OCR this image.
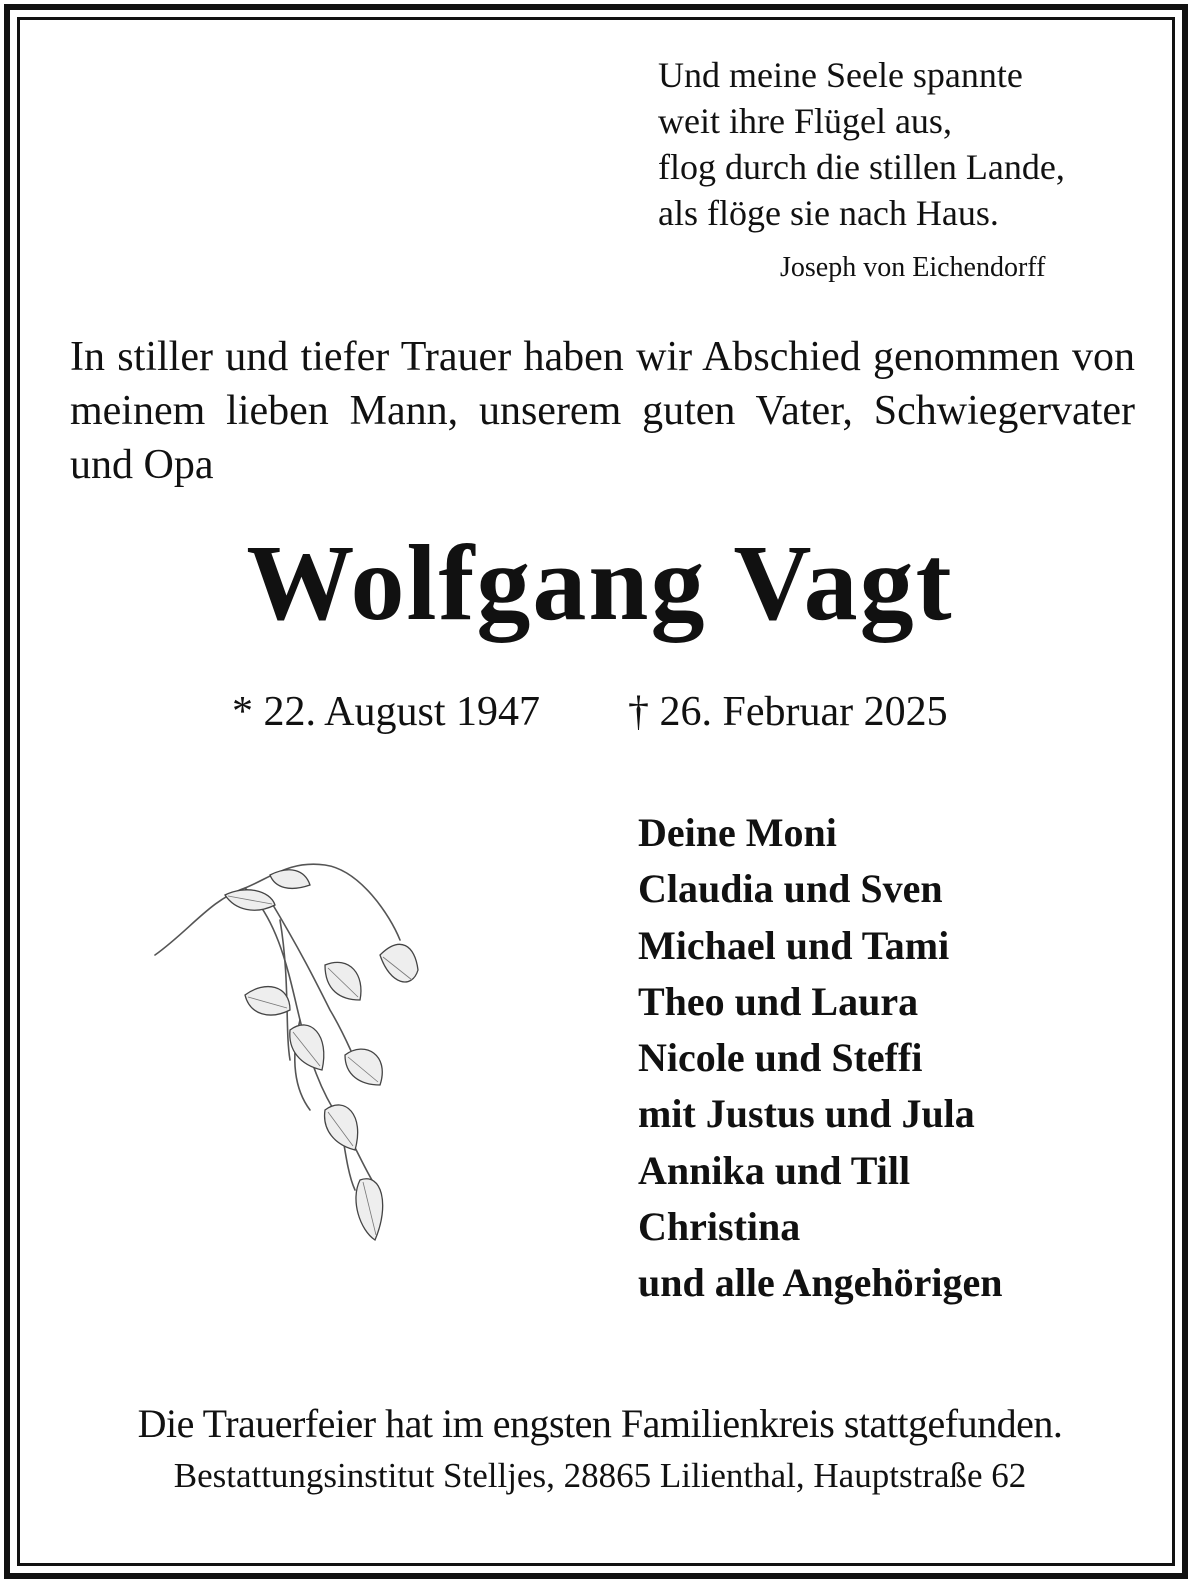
Und meine Seele spannte
weit ihre Flügel aus,
flog durch die stillen Lande,
als flöge sie nach Haus.
Joseph von Eichendorff
In stiller und tiefer Trauer haben wir Abschied genommen von meinem lieben Mann, unserem guten Vater, Schwiegervater und Opa
Wolfgang Vagt
* 22. August 1947 † 26. Februar 2025
Deine Moni
Claudia und Sven
Michael und Tami
Theo und Laura
Nicole und Steffi
mit Justus und Jula
Annika und Till
Christina
und alle Angehörigen
Die Trauerfeier hat im engsten Familienkreis stattgefunden.
Bestattungsinstitut Stelljes, 28865 Lilienthal, Hauptstraße 62
